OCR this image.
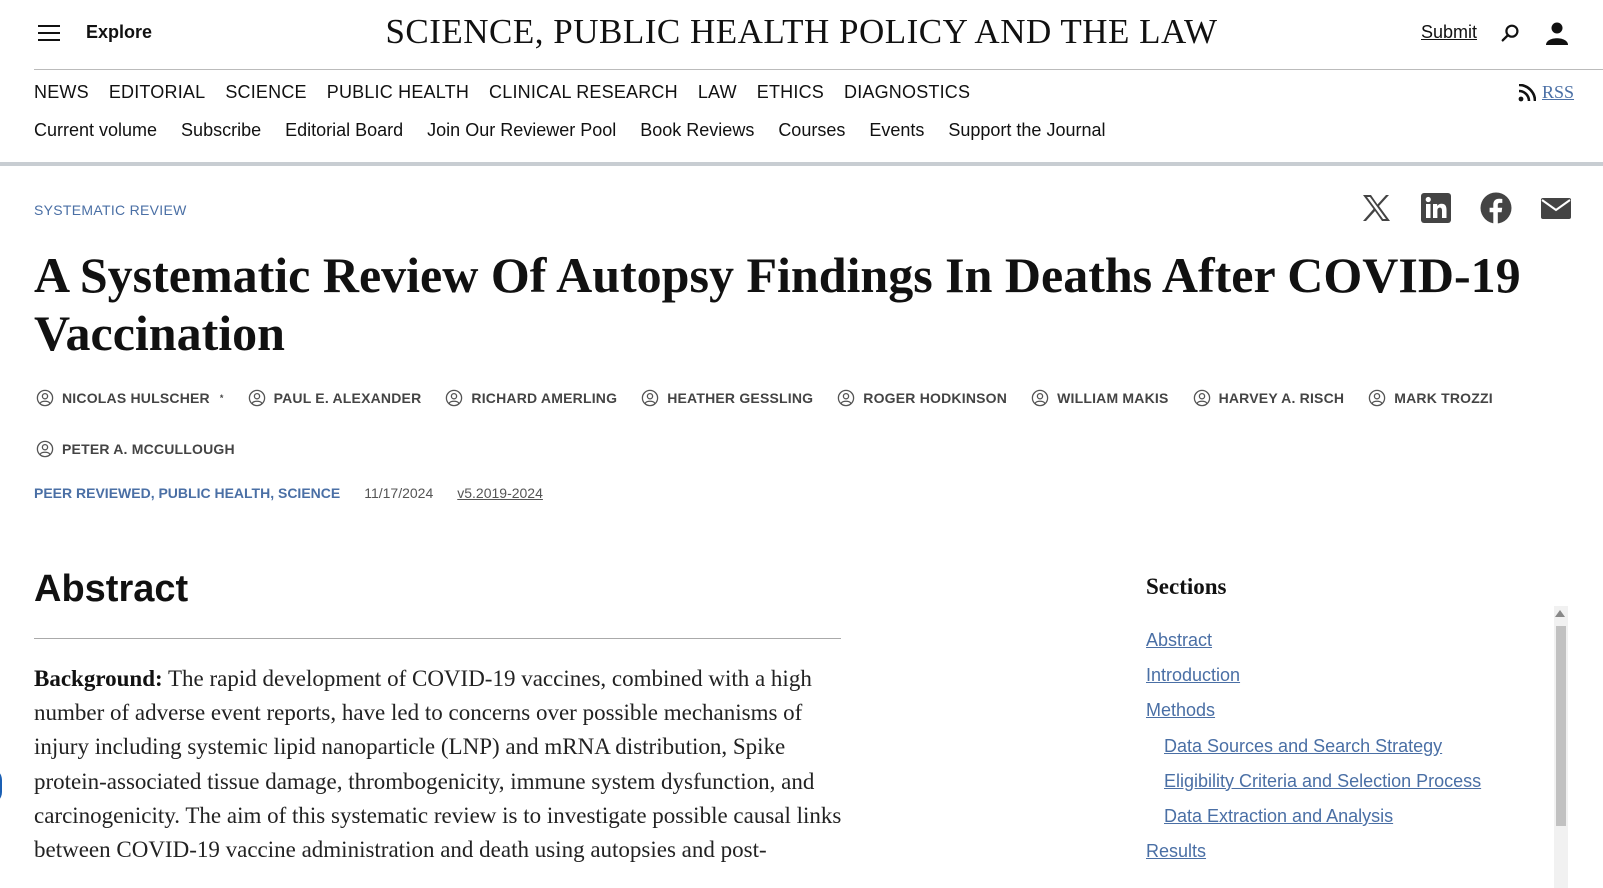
Explore	SCIENCE, PUBLIC HEALTH POLICY AND THE LAW	Submit
NEWS EDITORIAL SCIENCE PUBLIC HEALTH CLINICAL RESEARCH LAW ETHICS DIAGNOSTICS	RSS
Current volume Subscribe Editorial Board Join Our Reviewer Pool Book Reviews Courses Events Support the Journal
SYSTEMATIC REVIEW
A Systematic Review Of Autopsy Findings In Deaths After COVID-19 Vaccination
NICOLAS HULSCHER *	PAUL E. ALEXANDER	RICHARD AMERLING	HEATHER GESSLING	ROGER HODKINSON	WILLIAM MAKIS	HARVEY A. RISCH	MARK TROZZI
PETER A. MCCULLOUGH
PEER REVIEWED, PUBLIC HEALTH, SCIENCE 11/17/2024 v5.2019-2024
Abstract

Background: The rapid development of COVID-19 vaccines, combined with a high number of adverse event reports, have led to concerns over possible mechanisms of injury including systemic lipid nanoparticle (LNP) and mRNA distribution, Spike protein-associated tissue damage, thrombogenicity, immune system dysfunction, and carcinogenicity. The aim of this systematic review is to investigate possible causal links between COVID-19 vaccine administration and death using autopsies and post-

Sections
Abstract
Introduction
Methods
Data Sources and Search Strategy
Eligibility Criteria and Selection Process
Data Extraction and Analysis
Results
